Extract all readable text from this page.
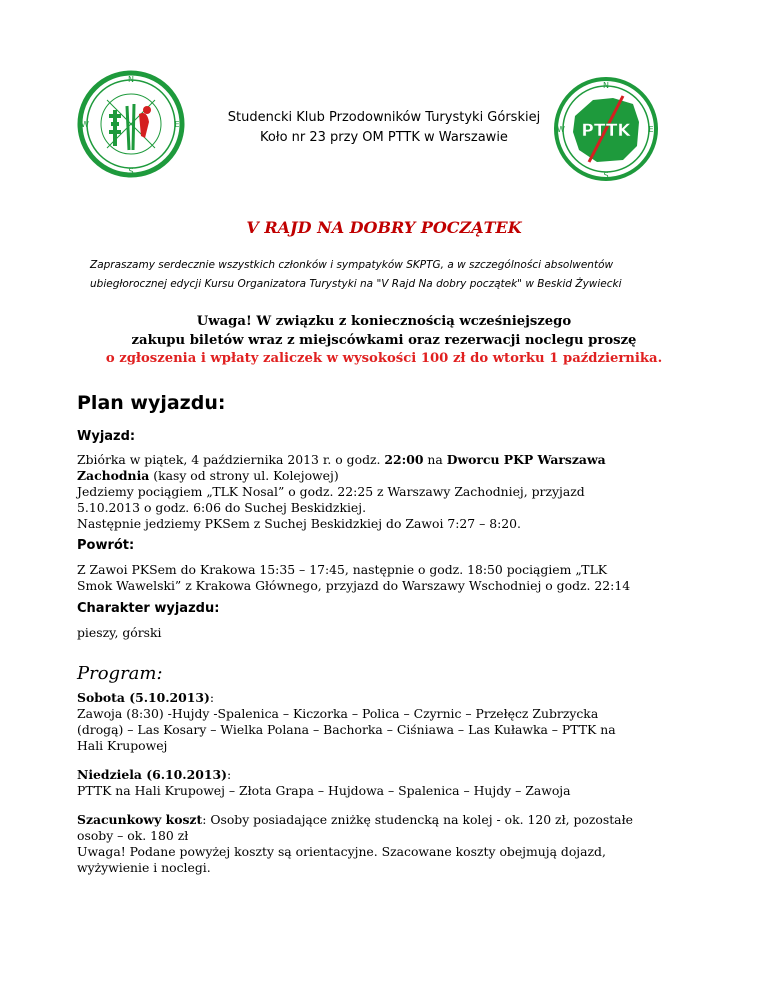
N
S
W	E
N
S
W	E
PTTK
Studencki Klub Przodowników Turystyki Górskiej
Koło nr 23 przy OM PTTK w Warszawie
V RAJD NA DOBRY POCZĄTEK
Zapraszamy serdecznie wszystkich członków i sympatyków SKPTG, a w szczególności absolwentów
ubiegłorocznej edycji Kursu Organizatora Turystyki na "V Rajd Na dobry początek" w Beskid Żywiecki
Uwaga! W związku z koniecznością wcześniejszego
zakupu biletów wraz z miejscówkami oraz rezerwacji noclegu proszę
o zgłoszenia i wpłaty zaliczek w wysokości 100 zł do wtorku 1 października.
Plan wyjazdu:
Wyjazd:
Zbiórka w piątek, 4 października 2013 r. o godz. 22:00 na Dworcu PKP Warszawa
Zachodnia (kasy od strony ul. Kolejowej)
Jedziemy pociągiem „TLK Nosal” o godz. 22:25 z Warszawy Zachodniej, przyjazd
5.10.2013 o godz. 6:06 do Suchej Beskidzkiej.
Następnie jedziemy PKSem z Suchej Beskidzkiej do Zawoi 7:27 – 8:20.
Powrót:
Z Zawoi PKSem do Krakowa 15:35 – 17:45, następnie o godz. 18:50 pociągiem „TLK
Smok Wawelski” z Krakowa Głównego, przyjazd do Warszawy Wschodniej o godz. 22:14
Charakter wyjazdu:
pieszy, górski
Program:
Sobota (5.10.2013):
Zawoja (8:30) -Hujdy -Spalenica – Kiczorka – Polica – Czyrnic – Przełęcz Zubrzycka
(drogą) – Las Kosary – Wielka Polana – Bachorka – Ciśniawa – Las Kuławka – PTTK na
Hali Krupowej
Niedziela (6.10.2013):
PTTK na Hali Krupowej – Złota Grapa – Hujdowa – Spalenica – Hujdy – Zawoja
Szacunkowy koszt: Osoby posiadające zniżkę studencką na kolej - ok. 120 zł, pozostałe
osoby – ok. 180 zł
Uwaga! Podane powyżej koszty są orientacyjne. Szacowane koszty obejmują dojazd,
wyżywienie i noclegi.
